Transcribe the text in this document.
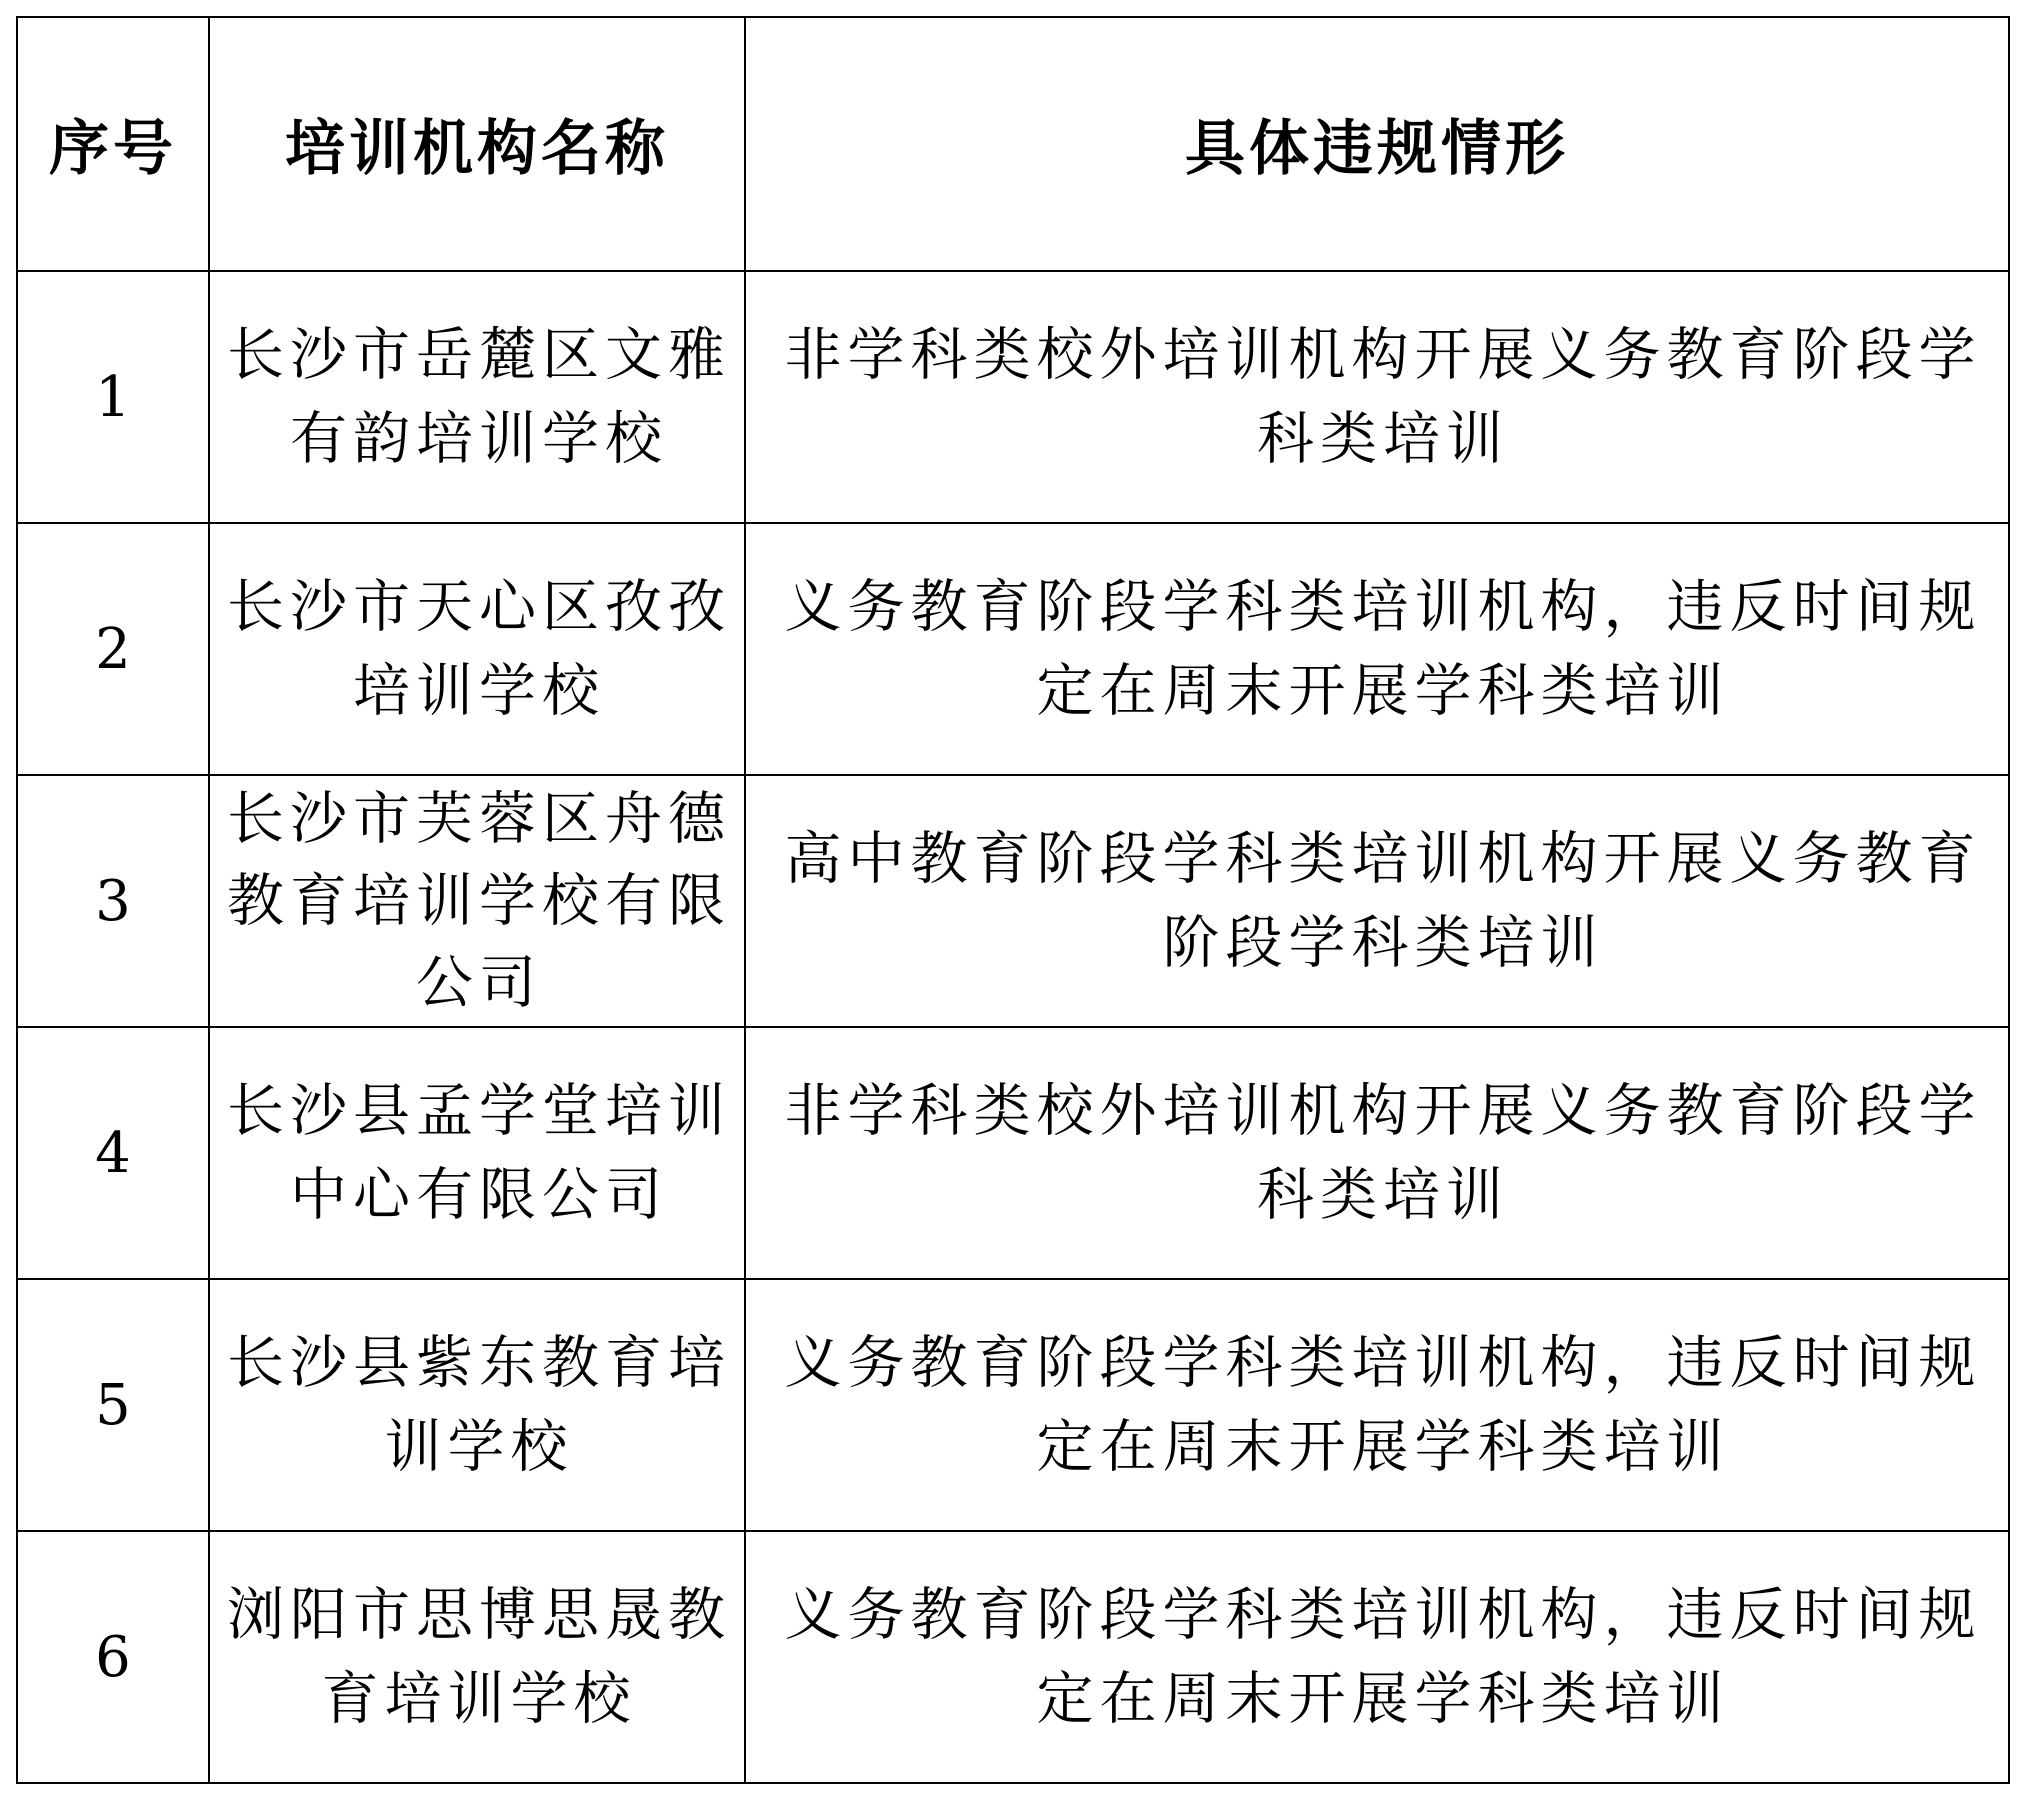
序号	培训机构名称	具体违规情形
1	长沙市岳麓区文雅有韵培训学校	非学科类校外培训机构开展义务教育阶段学科类培训
2	长沙市天心区孜孜培训学校	义务教育阶段学科类培训机构，违反时间规定在周末开展学科类培训
3	长沙市芙蓉区舟德教育培训学校有限公司	高中教育阶段学科类培训机构开展义务教育阶段学科类培训
4	长沙县孟学堂培训中心有限公司	非学科类校外培训机构开展义务教育阶段学科类培训
5	长沙县紫东教育培训学校	义务教育阶段学科类培训机构，违反时间规定在周末开展学科类培训
6	浏阳市思博思晟教育培训学校	义务教育阶段学科类培训机构，违反时间规定在周末开展学科类培训
